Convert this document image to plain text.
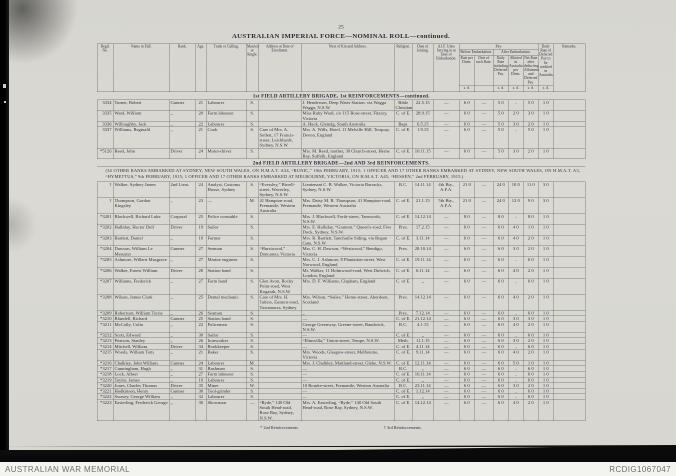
25
AUSTRALIAN IMPERIAL FORCE—NOMINAL ROLL—continued.
Regtl. No.	Name in Full.	Rank.	Age.	Trade or Calling.	Married or Single.	Address at Date of Enrolment.	Next of Kin and Address.	Religion.	Date of Joining.	A.I.F. Units Serving in at Date of Embarkation.	Pay.					Daily Rate of Deferred Pay to be credited in Australia.	Remarks.
											Before Embarkation.		After Embarkation.				
											Rate per Diem.	Date of such Rate.	Daily Rate including Deferred Pay.	Allotted in Australia per Diem.	Net Rate after deducting Allotment and Deferred Pay.		
											s. d.		s. d.	s. d.	s. d.	s. d.	
1st FIELD ARTILLERY BRIGADE, 1st REINFORCEMENTS—continued.																	
3334	Turner, Robert	Gunner	21	Labourer	S.		J. Henderson, Deep Water Station, via Wagga Wagga, N.S.W.	Bible Christian	22.5.15	—	6 0	—	5 0	..	5 0	1 0	
3335	Ward, William	„	20	Farm labourer	S.		Miss Ruby Ward, c/o 115 Rose-street, Fitzroy, Victoria	C. of E.	28.9.15	—	6 0	—	5 0	2 0	3 0	1 0	
3336	Willoughby, Jack	„	22	Labourer	S.		A. Hack, Glenelg, South Australia	Bapt.	6.5.15	—	6 0	—	5 0	3 0	2 0	1 0	
3337	Williams, Reginald	„	21	Cook	S.	Care of Mrs. A. Sollett, 17 Francis-street, Leichhardt, Sydney, N.S.W.	Mrs. A. Wills, Hotel, 11 Melville Hill, Torquay, Devon, England	C. of E.	1.9.15	—	6 0	—	5 0	..	5 0	1 0	
*5126	Reed, John	Driver	24	Motor-driver	S.		Mrs. M. Reed, mother, 30 Church-street, Herne Bay, Suffolk, England	C. of E.	10.11.15	—	6 0	—	5 0	3 0	2 0	1 0	
2nd FIELD ARTILLERY BRIGADE—2nd AND 3rd REINFORCEMENTS.																	
(34 OTHER RANKS EMBARKED AT SYDNEY, NEW SOUTH WALES, ON H.M.A.T. A34, “RUNIC,” 19th FEBRUARY, 1915; 1 OFFICER AND 17 OTHER RANKS EMBARKED AT SYDNEY, NEW SOUTH WALES, ON H.M.A.T. A3, “HYMETTUS,” 9th FEBRUARY, 1915; 1 OFFICER AND 17 OTHER RANKS EMBARKED AT MELBOURNE, VICTORIA, ON H.M.A.T. A45, “HESSEN,” 2nd FEBRUARY, 1915.)																	
†	Walker, Sydney James	2nd Lieut.	24	Analyst, Customs House, Sydney	S.	“Eversley,” Birrell-street, Waverley, Sydney, N.S.W.	Lieutenant C. B. Walker, Victoria Barracks, Sydney, N.S.W.	R.C.	14.11.14	4th Bty., A.F.A.	21 0	—	24 0	10 0	11 0	3 0	
†	Thompson, Gordon Kingsley	„	23	—	M.	41 Hampton-road, Fremantle, Western Australia	Mrs. Daisy M. B. Thompson, 41 Hampton-road, Fremantle, Western Australia	C. of E.	21.1.15	5th Bty., A.F.A.	21 0	—	24 0	12 0	9 0	3 0	
*3201	Blackwell, Richard Luke	Corporal	25	Police constable	S.		Mrs. J. Blackwell, Forth-street, Tamworth, N.S.W.	C. of E.	14.12.14	—	8 0	—	8 0	..	8 0	1 0	
*3202	Halliday, Hector Dell	Driver	19	Sailor	S.		Mrs. E. Halliday, “Granton,” Queen's-road, Five Dock, Sydney, N.S.W.	Pres.	17.2.15	—	6 0	—	6 0	4 0	1 0	1 0	
*3203	Bartlett, Daniel	„	19	Farmer	S.		Mrs. R. Bartlett, Tancharlie Siding, via Bogan Gate, N.S.W.	C. of E.	3.11.14	—	6 0	—	6 0	4 0	2 0	1 0	
*3204	Dawson, William Le Mesurier	Gunner	27	Seaman	S.	“Hurstwood,” Doncaster, Victoria	Mrs. C. H. Dawson, “Westwood,” Bendigo, Victoria	Pres.	28.10.14	—	6 0	—	6 0	3 0	2 0	1 0	
*3205	Ashmore, Wilbert Musgrave	„	27	Marine engineer	S.		Mrs. C. J. Ashmore, 8 Plantation-street, West Norwood, England	C. of E.	19.11.14	—	6 0	—	6 0	..	6 0	1 0	
*3206	Walker, Ernest William	Driver	28	Station hand	S.		Mr. Walker, 11 Holmwood-road, West Dulwich, London, England	C. of E.	6.11.14	—	6 0	—	6 0	4 0	2 0	1 0	
*3207	Williams, Frederick	„	27	Farm hand	S.	Glen Avon, Rocky Point-road, West Kogarah, N.S.W.	Mrs. D. F. Williams, Clapham, England	C. of E.	„	—	6 0	—	6 0	..	6 0	1 0	
*3208	Wilson, James Clark	„	25	Dental mechanic	S.	Care of Mrs. H. Tatlers, Eastern-road, Turramurra, Sydney	Mrs. Wilson, “Sailes,” Home-street, Aberdeen, Scotland	Pres.	14.12.14	—	6 0	—	6 0	4 0	2 0	1 0	
*3209	Robertson, William Torrie	„	26	Seaman	S.		„	Pres.	7.12.14	—	6 0	—	6 0	..	6 0	1 0	
*3210	Blundell, Richard	Gunner	25	Station hand	S.		—	C. of E.	21.12.14	—	6 0	—	6 0	3 0	3 0	1 0	
*3211	McColly, Colin	„	22	Policeman	S.		George Greenway, Greene-street, Randwick, N.S.W.	R.C.	4.1.15	—	6 0	—	6 0	4 0	2 0	1 0	
*3212	Scott, Edward	„	30	Sailor	S.		—	C. of E.	„	—	6 0	—	6 0	..	6 0	1 0	
*3213	Pearson, Stanley	„	26	Ironworker	S.		“Elmsvilla,” Union-street, Tempe, N.S.W.	Meth.	11.1.15	—	6 0	—	6 0	3 0	2 0	1 0	
*3214	Mitchell, William	Driver	34	Bookkeeper	S.		—	C. of E.	4.11.14	—	6 0	—	6 0	..	6 0	1 0	
*3215	Woods, William Tom	„	21	Baker	S.		Mrs. Woods, Glasgow-street, Melbourne, Victoria	C. of E.	9.11.14	—	6 0	—	6 0	4 0	2 0	1 0	
*3216	Chalkley, John William	Gunner	24	Labourer	M.		Mrs. J. Chalkley, Maitland-street, Glebe, N.S.W.	C. of E.	12.11.14	—	6 0	—	6 0	5 0	1 0	1 0	
*3217	Cunningham, Hugh	„	31	Bushman	S.		—	R.C.	„	—	6 0	—	6 0	..	6 0	1 0	
*3218	Lock, Albert	„	27	Farm labourer	S.		—	C. of E.	16.11.14	—	6 0	—	6 0	..	6 0	1 0	
*3219	Taylor, James	„	19	Labourer	S.		—	C. of E.	„	—	6 0	—	6 0	..	6 0	1 0	
*3220	Jones, Charles Thomas	Driver	35	Miner	W.		10 Bourke-street, Fremantle, Western Australia	R.C.	23.11.14	—	6 0	—	6 0	3 0	2 0	1 0	
*3221	Hodkinson, Henry	Gunner	30	Tool-grinder	S.		—	C. of E.	1.12.14	—	6 0	—	6 0	..	6 0	1 0	
*3222	Swasey, George William	„	32	Labourer	S.		—	C. of E.	„	—	6 0	—	6 0	..	6 0	1 0	
*3223	Easterling, Frederick George	„	30	Showman	—	“Ryde,” 140 Old South Head-road, Rose Bay, Sydney, N.S.W.	Mrs. A. Easterling, “Ryde,” 140 Old South Head-road, Rose Bay, Sydney, N.S.W.	C. of E.	14.12.14	—	6 0	—	6 0	4 0	2 0	1 0	
* 2nd Reinforcements.	† 3rd Reinforcements.
AUSTRALIAN WAR MEMORIAL	RCDIG1067047
